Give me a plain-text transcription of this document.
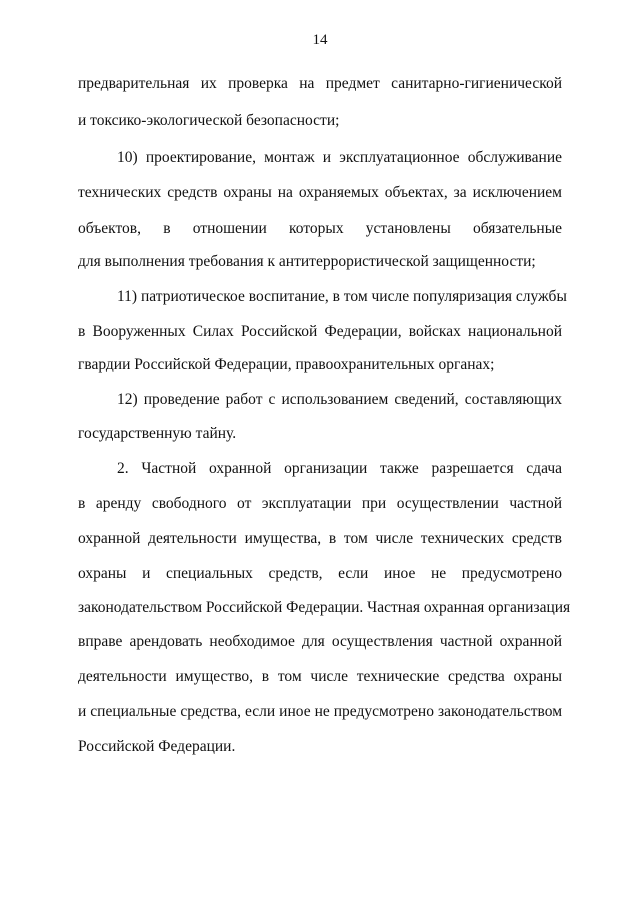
14
предварительная их проверка на предмет санитарно-гигиенической
и токсико-экологической безопасности;
10) проектирование, монтаж и эксплуатационное обслуживание
технических средств охраны на охраняемых объектах, за исключением
объектов, в отношении которых установлены обязательные
для выполнения требования к антитеррористической защищенности;
11) патриотическое воспитание, в том числе популяризация службы
в Вооруженных Силах Российской Федерации, войсках национальной
гвардии Российской Федерации, правоохранительных органах;
12) проведение работ с использованием сведений, составляющих
государственную тайну.
2. Частной охранной организации также разрешается сдача
в аренду свободного от эксплуатации при осуществлении частной
охранной деятельности имущества, в том числе технических средств
охраны и специальных средств, если иное не предусмотрено
законодательством Российской Федерации. Частная охранная организация
вправе арендовать необходимое для осуществления частной охранной
деятельности имущество, в том числе технические средства охраны
и специальные средства, если иное не предусмотрено законодательством
Российской Федерации.
